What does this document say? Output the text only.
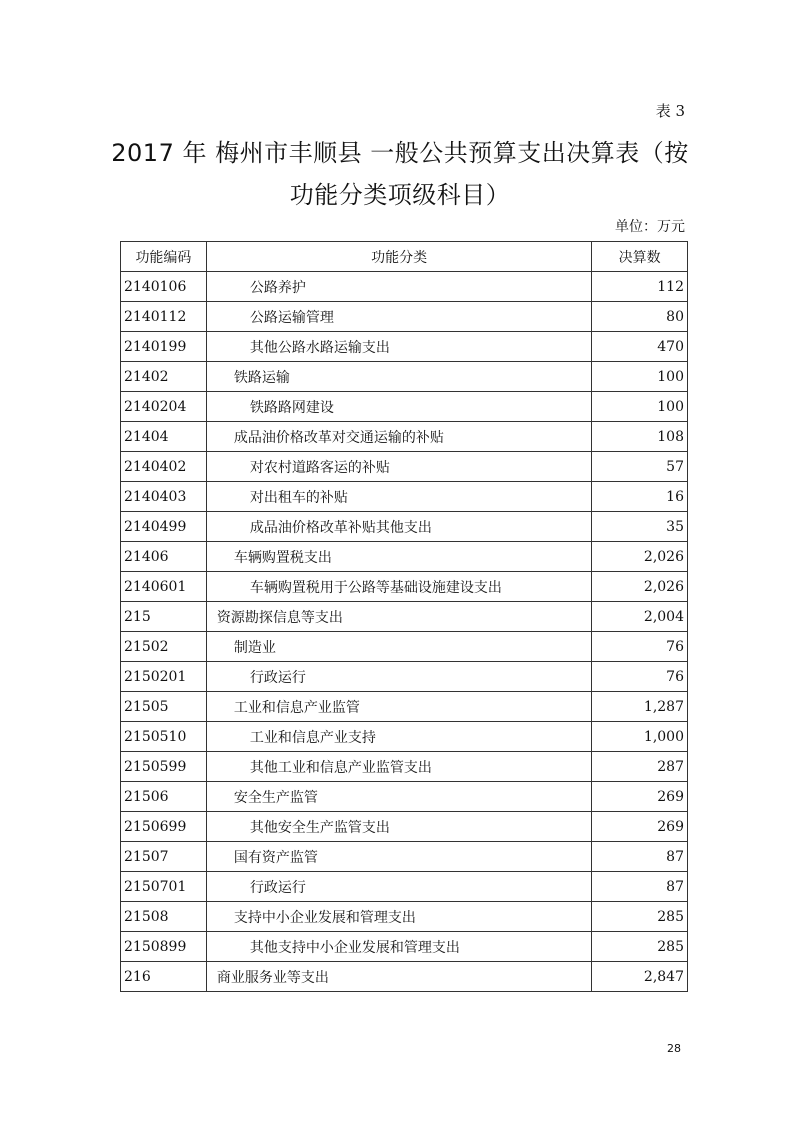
表 3
2017 年 梅州市丰顺县 一般公共预算支出决算表（按
功能分类项级科目）
单位：万元
功能编码	功能分类	决算数
2140106	公路养护	112
2140112	公路运输管理	80
2140199	其他公路水路运输支出	470
21402	铁路运输	100
2140204	铁路路网建设	100
21404	成品油价格改革对交通运输的补贴	108
2140402	对农村道路客运的补贴	57
2140403	对出租车的补贴	16
2140499	成品油价格改革补贴其他支出	35
21406	车辆购置税支出	2,026
2140601	车辆购置税用于公路等基础设施建设支出	2,026
215	资源勘探信息等支出	2,004
21502	制造业	76
2150201	行政运行	76
21505	工业和信息产业监管	1,287
2150510	工业和信息产业支持	1,000
2150599	其他工业和信息产业监管支出	287
21506	安全生产监管	269
2150699	其他安全生产监管支出	269
21507	国有资产监管	87
2150701	行政运行	87
21508	支持中小企业发展和管理支出	285
2150899	其他支持中小企业发展和管理支出	285
216	商业服务业等支出	2,847
28
